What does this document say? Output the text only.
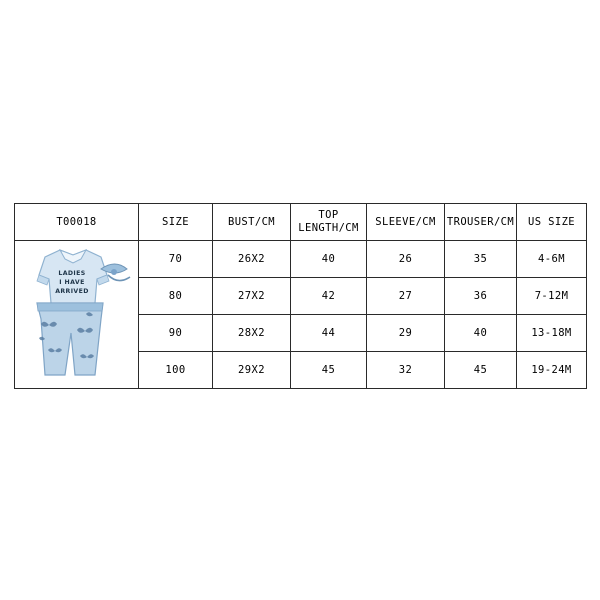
T00018	SIZE	BUST/CM	TOP
LENGTH/CM	SLEEVE/CM	TROUSER/CM	US SIZE

LADIES
I HAVE
ARRIVED	70	26X2	40	26	35	4-6M
	80	27X2	42	27	36	7-12M
	90	28X2	44	29	40	13-18M
	100	29X2	45	32	45	19-24M
